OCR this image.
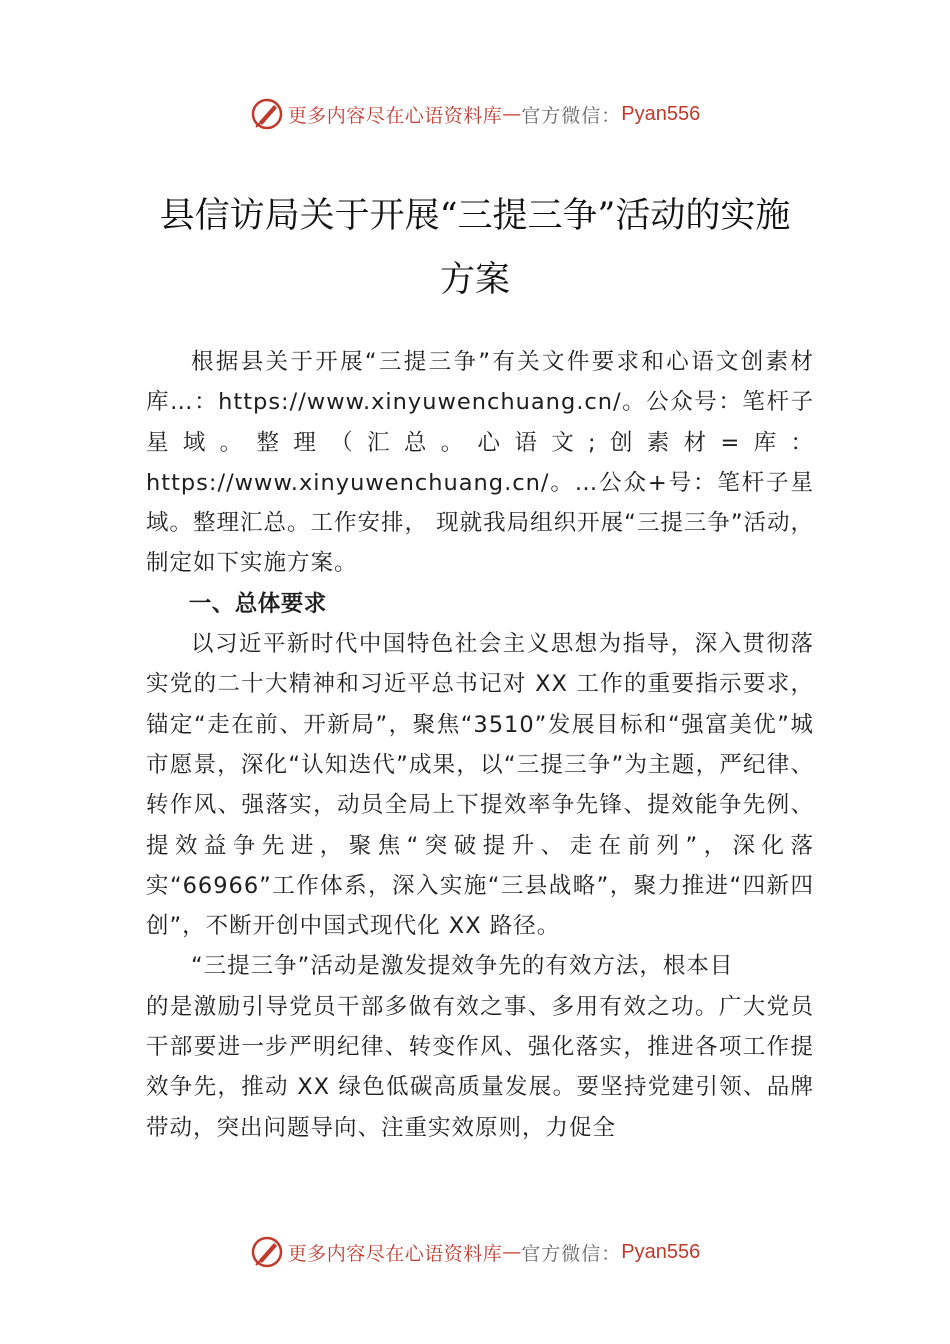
更多内容尽在心语资料库 — 官方微信： Pyan556
县信访局关于开展“三提三争”活动的实施
方案

根据县关于开展“三提三争”有关文件要求和心语文创素材库…：https://www.xinyuwenchuang.cn/。公众号：笔杆子星域。整理（汇总。心语文;创素材=库：https://www.xinyuwenchuang.cn/。…公众+号：笔杆子星域。整理汇总。工作安排， 现就我局组织开展“三提三争”活动，制定如下实施方案。

一、总体要求

以习近平新时代中国特色社会主义思想为指导，深入贯彻落实党的二十大精神和习近平总书记对 XX 工作的重要指示要求，锚定“走在前、开新局”，聚焦“3510”发展目标和“强富美优”城市愿景，深化“认知迭代”成果，以“三提三争”为主题，严纪律、转作风、强落实，动员全局上下提效率争先锋、提效能争先例、提效益争先进，聚焦“突破提升、走在前列”，深化落实“66966”工作体系，深入实施“三县战略”，聚力推进“四新四创”，不断开创中国式现代化 XX 路径。

“三提三争”活动是激发提效争先的有效方法，根本目

的是激励引导党员干部多做有效之事、多用有效之功。广大党员干部要进一步严明纪律、转变作风、强化落实，推进各项工作提效争先，推动 XX 绿色低碳高质量发展。要坚持党建引领、品牌带动，突出问题导向、注重实效原则，力促全

更多内容尽在心语资料库 — 官方微信： Pyan556
